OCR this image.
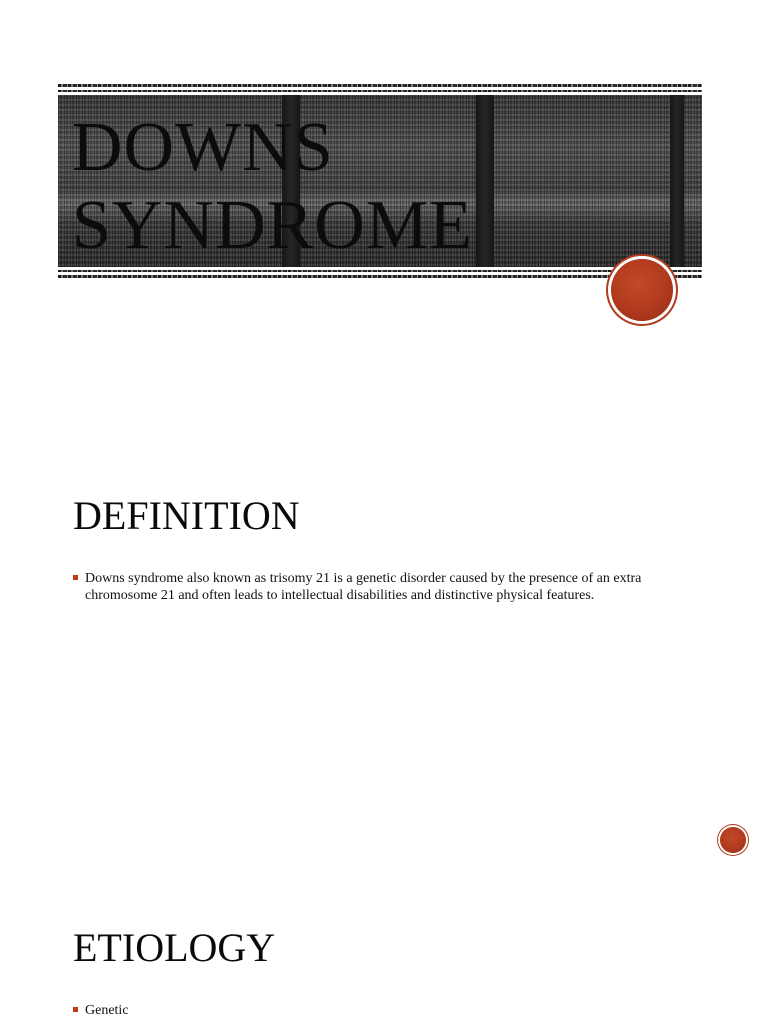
DOWNS
SYNDROME
DEFINITION
Downs syndrome also known as trisomy 21 is a genetic disorder caused by the presence of an extra chromosome 21 and often leads to intellectual disabilities and distinctive physical features.
ETIOLOGY
Genetic
